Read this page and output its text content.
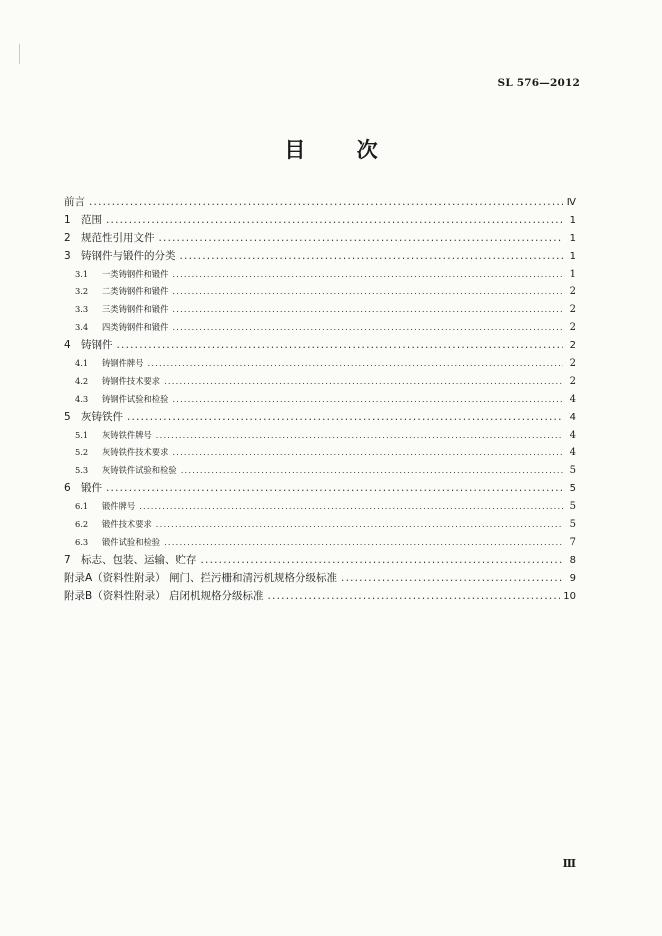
SL 576—2012
目 次
前言 .....	Ⅳ
1 范围 .....	1
2 规范性引用文件 .....	1
3 铸钢件与锻件的分类 .....	1
3.1	一类铸钢件和锻件 .....	1
3.2	二类铸钢件和锻件 .....	2
3.3	三类铸钢件和锻件 .....	2
3.4	四类铸钢件和锻件 .....	2
4 铸钢件 .....	2
4.1	铸钢件牌号 .....	2
4.2	铸钢件技术要求 .....	2
4.3	铸钢件试验和检验 .....	4
5 灰铸铁件 .....	4
5.1	灰铸铁件牌号 .....	4
5.2	灰铸铁件技术要求 .....	4
5.3	灰铸铁件试验和检验 .....	5
6 锻件 .....	5
6.1	锻件牌号 .....	5
6.2	锻件技术要求 .....	5
6.3	锻件试验和检验 .....	7
7 标志、包装、运输、贮存 .....	8
附录A（资料性附录） 闸门、拦污栅和清污机规格分级标准 .....	9
附录B（资料性附录） 启闭机规格分级标准 .....	10
Ⅲ
